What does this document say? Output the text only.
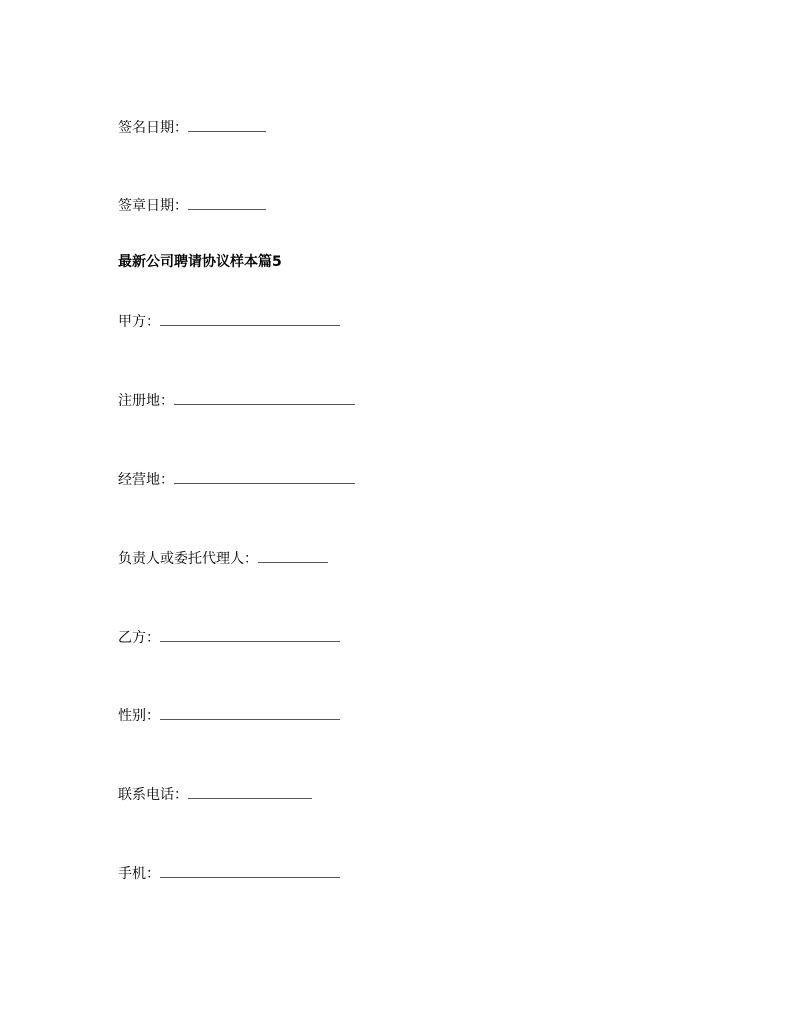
签名日期：
签章日期：
最新公司聘请协议样本篇5
甲方：
注册地：
经营地：
负责人或委托代理人：
乙方：
性别：
联系电话：
手机：
